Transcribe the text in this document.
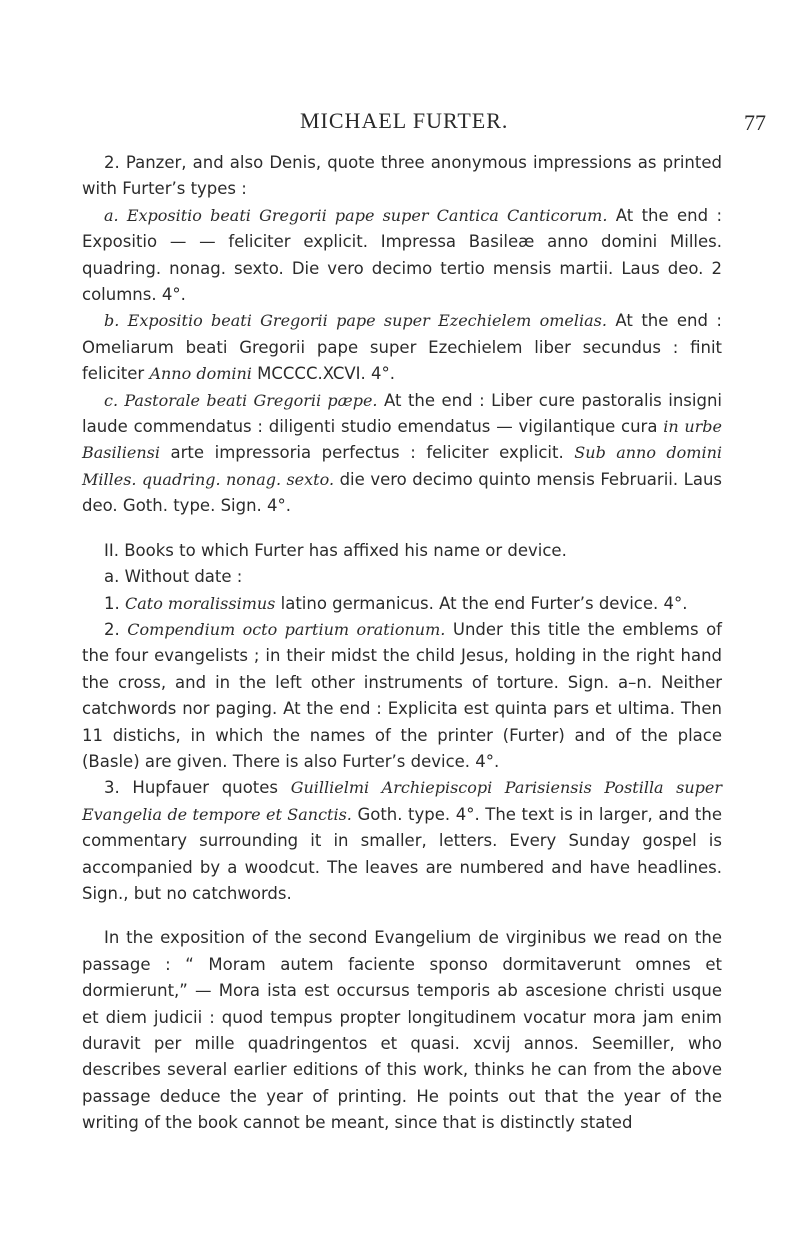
MICHAEL FURTER.	77

2. Panzer, and also Denis, quote three anonymous impressions as printed with Furter’s types :

a. Expositio beati Gregorii pape super Cantica Canticorum. At the end : Expositio — — feliciter explicit. Impressa Basileæ anno domini Milles. quadring. nonag. sexto. Die vero decimo tertio mensis martii. Laus deo. 2 columns. 4°.

b. Expositio beati Gregorii pape super Ezechielem omelias. At the end : Omeliarum beati Gregorii pape super Ezechielem liber secundus : finit feliciter Anno domini MCCCC.XCVI. 4°.

c. Pastorale beati Gregorii pæpe. At the end : Liber cure pastoralis insigni laude commendatus : diligenti studio emendatus — vigilantique cura in urbe Basiliensi arte impressoria perfectus : feliciter explicit. Sub anno domini Milles. quadring. nonag. sexto. die vero decimo quinto mensis Februarii. Laus deo. Goth. type. Sign. 4°.

II. Books to which Furter has affixed his name or device.

a. Without date :

1. Cato moralissimus latino germanicus. At the end Furter’s device. 4°.

2. Compendium octo partium orationum. Under this title the emblems of the four evangelists ; in their midst the child Jesus, holding in the right hand the cross, and in the left other instruments of torture. Sign. a–n. Neither catchwords nor paging. At the end : Explicita est quinta pars et ultima. Then 11 distichs, in which the names of the printer (Furter) and of the place (Basle) are given. There is also Furter’s device. 4°.

3. Hupfauer quotes Guillielmi Archiepiscopi Parisiensis Postilla super Evangelia de tempore et Sanctis. Goth. type. 4°. The text is in larger, and the commentary surrounding it in smaller, letters. Every Sunday gospel is accompanied by a woodcut. The leaves are numbered and have headlines. Sign., but no catchwords.

In the exposition of the second Evangelium de virginibus we read on the passage : “ Moram autem faciente sponso dormitaverunt omnes et dormierunt,” — Mora ista est occursus temporis ab ascesione christi usque et diem judicii : quod tempus propter longitudinem vocatur mora jam enim duravit per mille quadringentos et quasi. xcvij annos. Seemiller, who describes several earlier editions of this work, thinks he can from the above passage deduce the year of printing. He points out that the year of the writing of the book cannot be meant, since that is distinctly stated
